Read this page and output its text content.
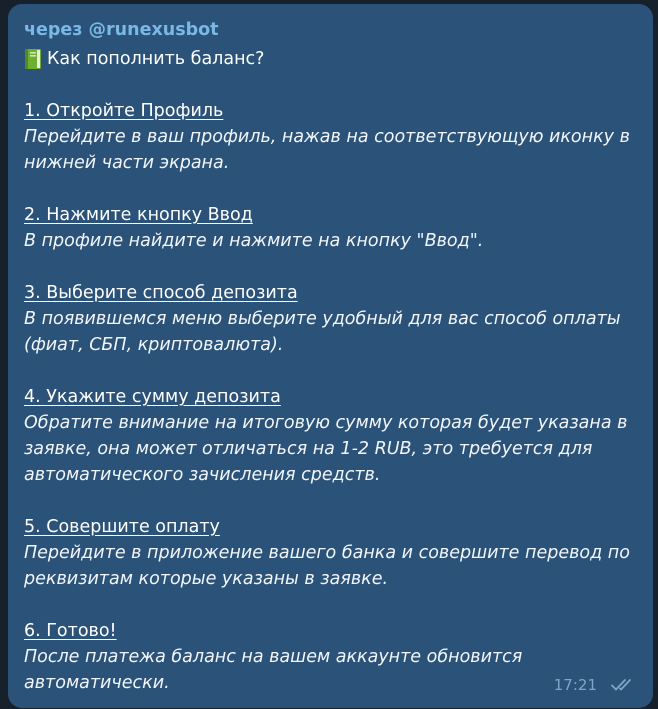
через @runexusbot
Как пополнить баланс?
1. Откройте Профиль
Перейдите в ваш профиль, нажав на соответствующую иконку в
нижней части экрана.
2. Нажмите кнопку Ввод
В профиле найдите и нажмите на кнопку "Ввод".
3. Выберите способ депозита
В появившемся меню выберите удобный для вас способ оплаты
(фиат, СБП, криптовалюта).
4. Укажите сумму депозита
Обратите внимание на итоговую сумму которая будет указана в
заявке, она может отличаться на 1-2 RUB, это требуется для
автоматического зачисления средств.
5. Совершите оплату
Перейдите в приложение вашего банка и совершите перевод по
реквизитам которые указаны в заявке.
6. Готово!
После платежа баланс на вашем аккаунте обновится
автоматически.	17:21
